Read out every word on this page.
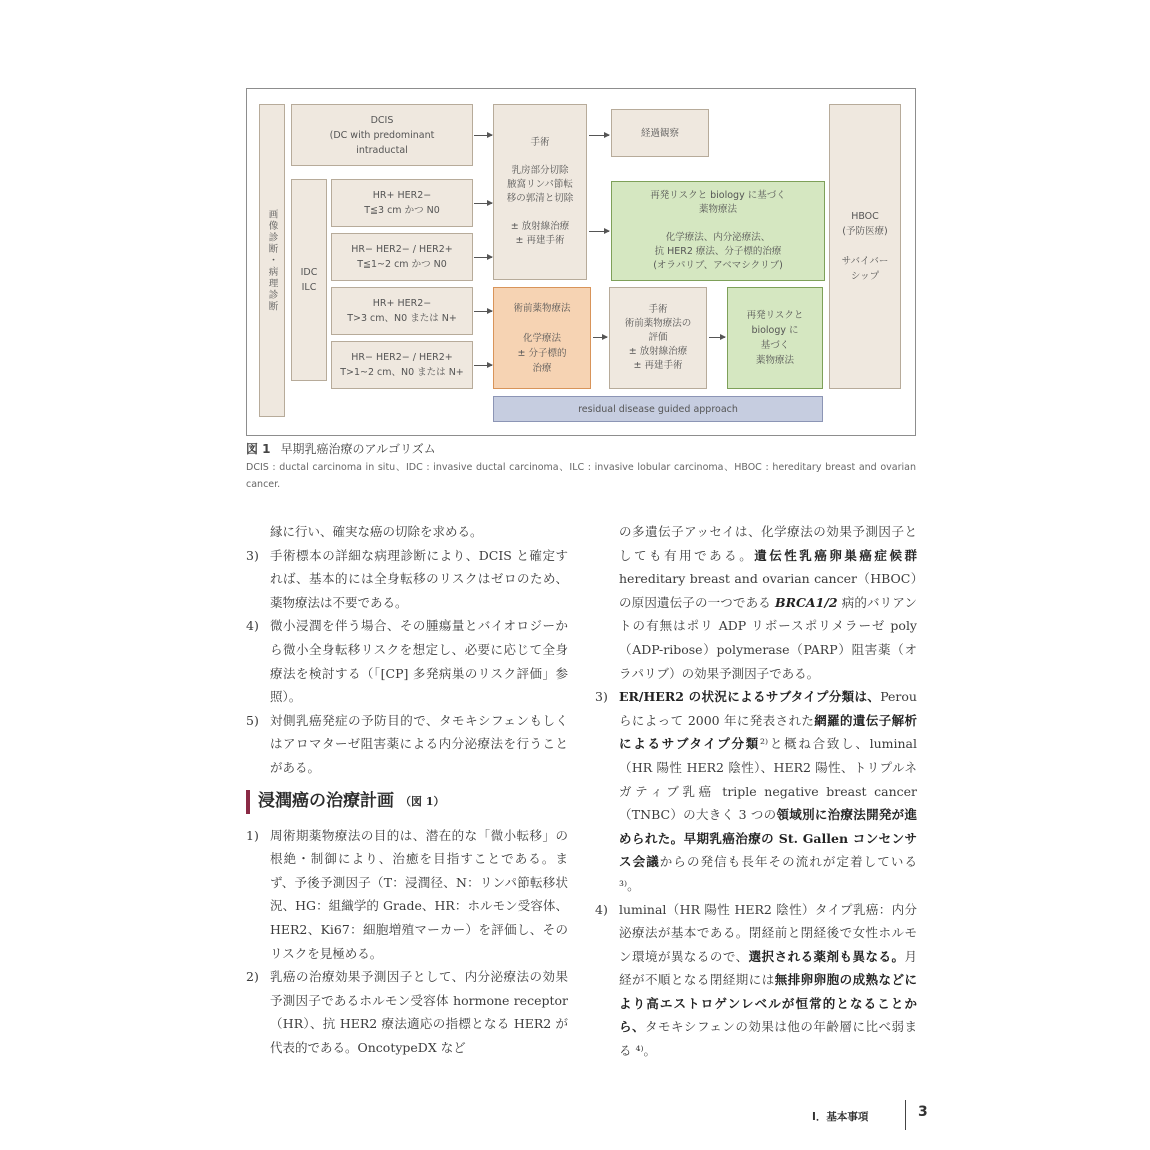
画像診断・病理診断
DCIS
(DC with predominant
intraductal
IDC
ILC
HR+ HER2−
T≦3 cm かつ N0
HR− HER2− / HER2+
T≦1~2 cm かつ N0
HR+ HER2−
T>3 cm、N0 または N+
HR− HER2− / HER2+
T>1~2 cm、N0 または N+
手術

乳房部分切除
腋窩リンパ節転
移の郭清と切除

± 放射線治療
± 再建手術
経過観察
再発リスクと biology に基づく
薬物療法

化学療法、内分泌療法、
抗 HER2 療法、分子標的治療
(オラパリブ、アベマシクリブ)
HBOC
(予防医療)

サバイバー
シップ
術前薬物療法

化学療法
± 分子標的
治療
手術
術前薬物療法の
評価
± 放射線治療
± 再建手術
再発リスクと
biology に
基づく
薬物療法
residual disease guided approach
図 1 早期乳癌治療のアルゴリズム
DCIS : ductal carcinoma in situ、IDC : invasive ductal carcinoma、ILC : invasive lobular carcinoma、HBOC : hereditary breast and ovarian cancer.
縁に行い、確実な癌の切除を求める。
3) 手術標本の詳細な病理診断により、DCIS と確定すれば、基本的には全身転移のリスクはゼロのため、薬物療法は不要である。
4) 微小浸潤を伴う場合、その腫瘍量とバイオロジーから微小全身転移リスクを想定し、必要に応じて全身療法を検討する（「[CP] 多発病巣のリスク評価」参照）。
5) 対側乳癌発症の予防目的で、タモキシフェンもしくはアロマターゼ阻害薬による内分泌療法を行うことがある。
浸潤癌の治療計画 （図 1）
1) 周術期薬物療法の目的は、潜在的な「微小転移」の根絶・制御により、治癒を目指すことである。まず、予後予測因子（T：浸潤径、N：リンパ節転移状況、HG：組織学的 Grade、HR：ホルモン受容体、HER2、Ki67：細胞増殖マーカー）を評価し、そのリスクを見極める。
2) 乳癌の治療効果予測因子として、内分泌療法の効果予測因子であるホルモン受容体 hormone receptor（HR）、抗 HER2 療法適応の指標となる HER2 が代表的である。OncotypeDX など
の多遺伝子アッセイは、化学療法の効果予測因子としても有用である。遺伝性乳癌卵巣癌症候群 hereditary breast and ovarian cancer（HBOC）の原因遺伝子の一つである BRCA1/2 病的バリアントの有無はポリ ADP リボースポリメラーゼ poly（ADP-ribose）polymerase（PARP）阻害薬（オラパリブ）の効果予測因子である。
3) ER/HER2 の状況によるサブタイプ分類は、Perou らによって 2000 年に発表された網羅的遺伝子解析によるサブタイプ分類²⁾と概ね合致し、luminal（HR 陽性 HER2 陰性）、HER2 陽性、トリプルネガティブ乳癌 triple negative breast cancer（TNBC）の大きく 3 つの領域別に治療法開発が進められた。早期乳癌治療の St. Gallen コンセンサス会議からの発信も長年その流れが定着している ³⁾。
4) luminal（HR 陽性 HER2 陰性）タイプ乳癌：内分泌療法が基本である。閉経前と閉経後で女性ホルモン環境が異なるので、選択される薬剤も異なる。月経が不順となる閉経期には無排卵卵胞の成熟などにより高エストロゲンレベルが恒常的となることから、タモキシフェンの効果は他の年齢層に比べ弱まる ⁴⁾。
I．基本事項	3
